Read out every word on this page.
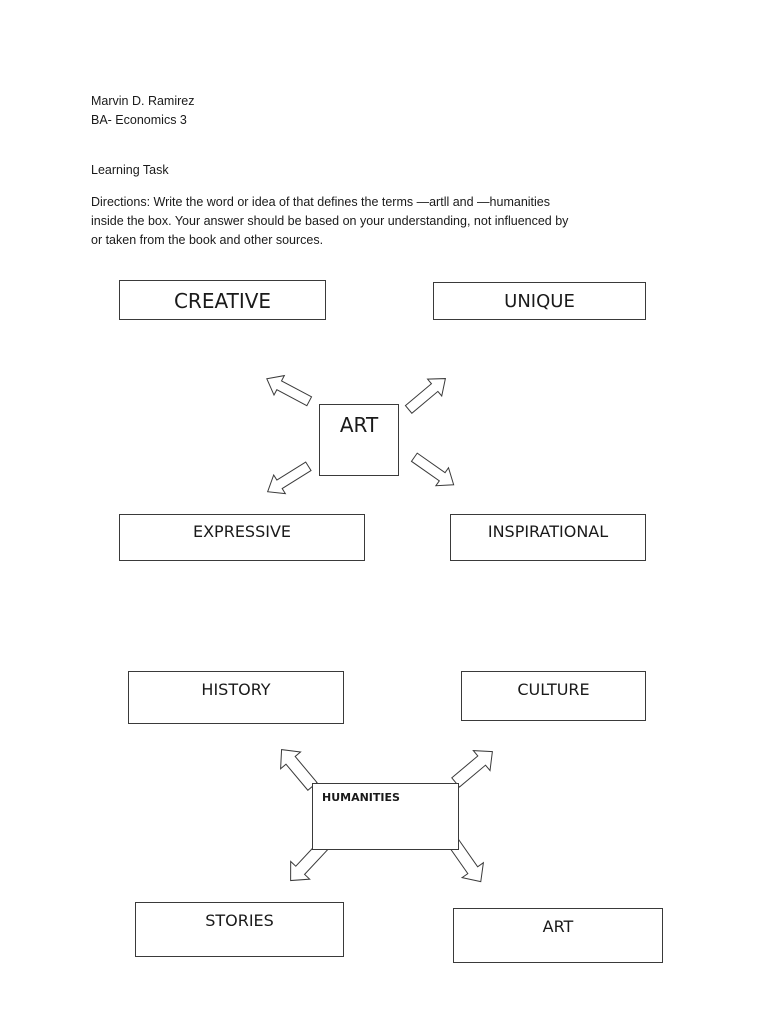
Marvin D. Ramirez
BA- Economics 3
Learning Task
Directions: Write the word or idea of that defines the terms —artll and —humanities
inside the box. Your answer should be based on your understanding, not influenced by
or taken from the book and other sources.
CREATIVE	UNIQUE
ART
EXPRESSIVE	INSPIRATIONAL
HISTORY	CULTURE
HUMANITIES
STORIES	ART
